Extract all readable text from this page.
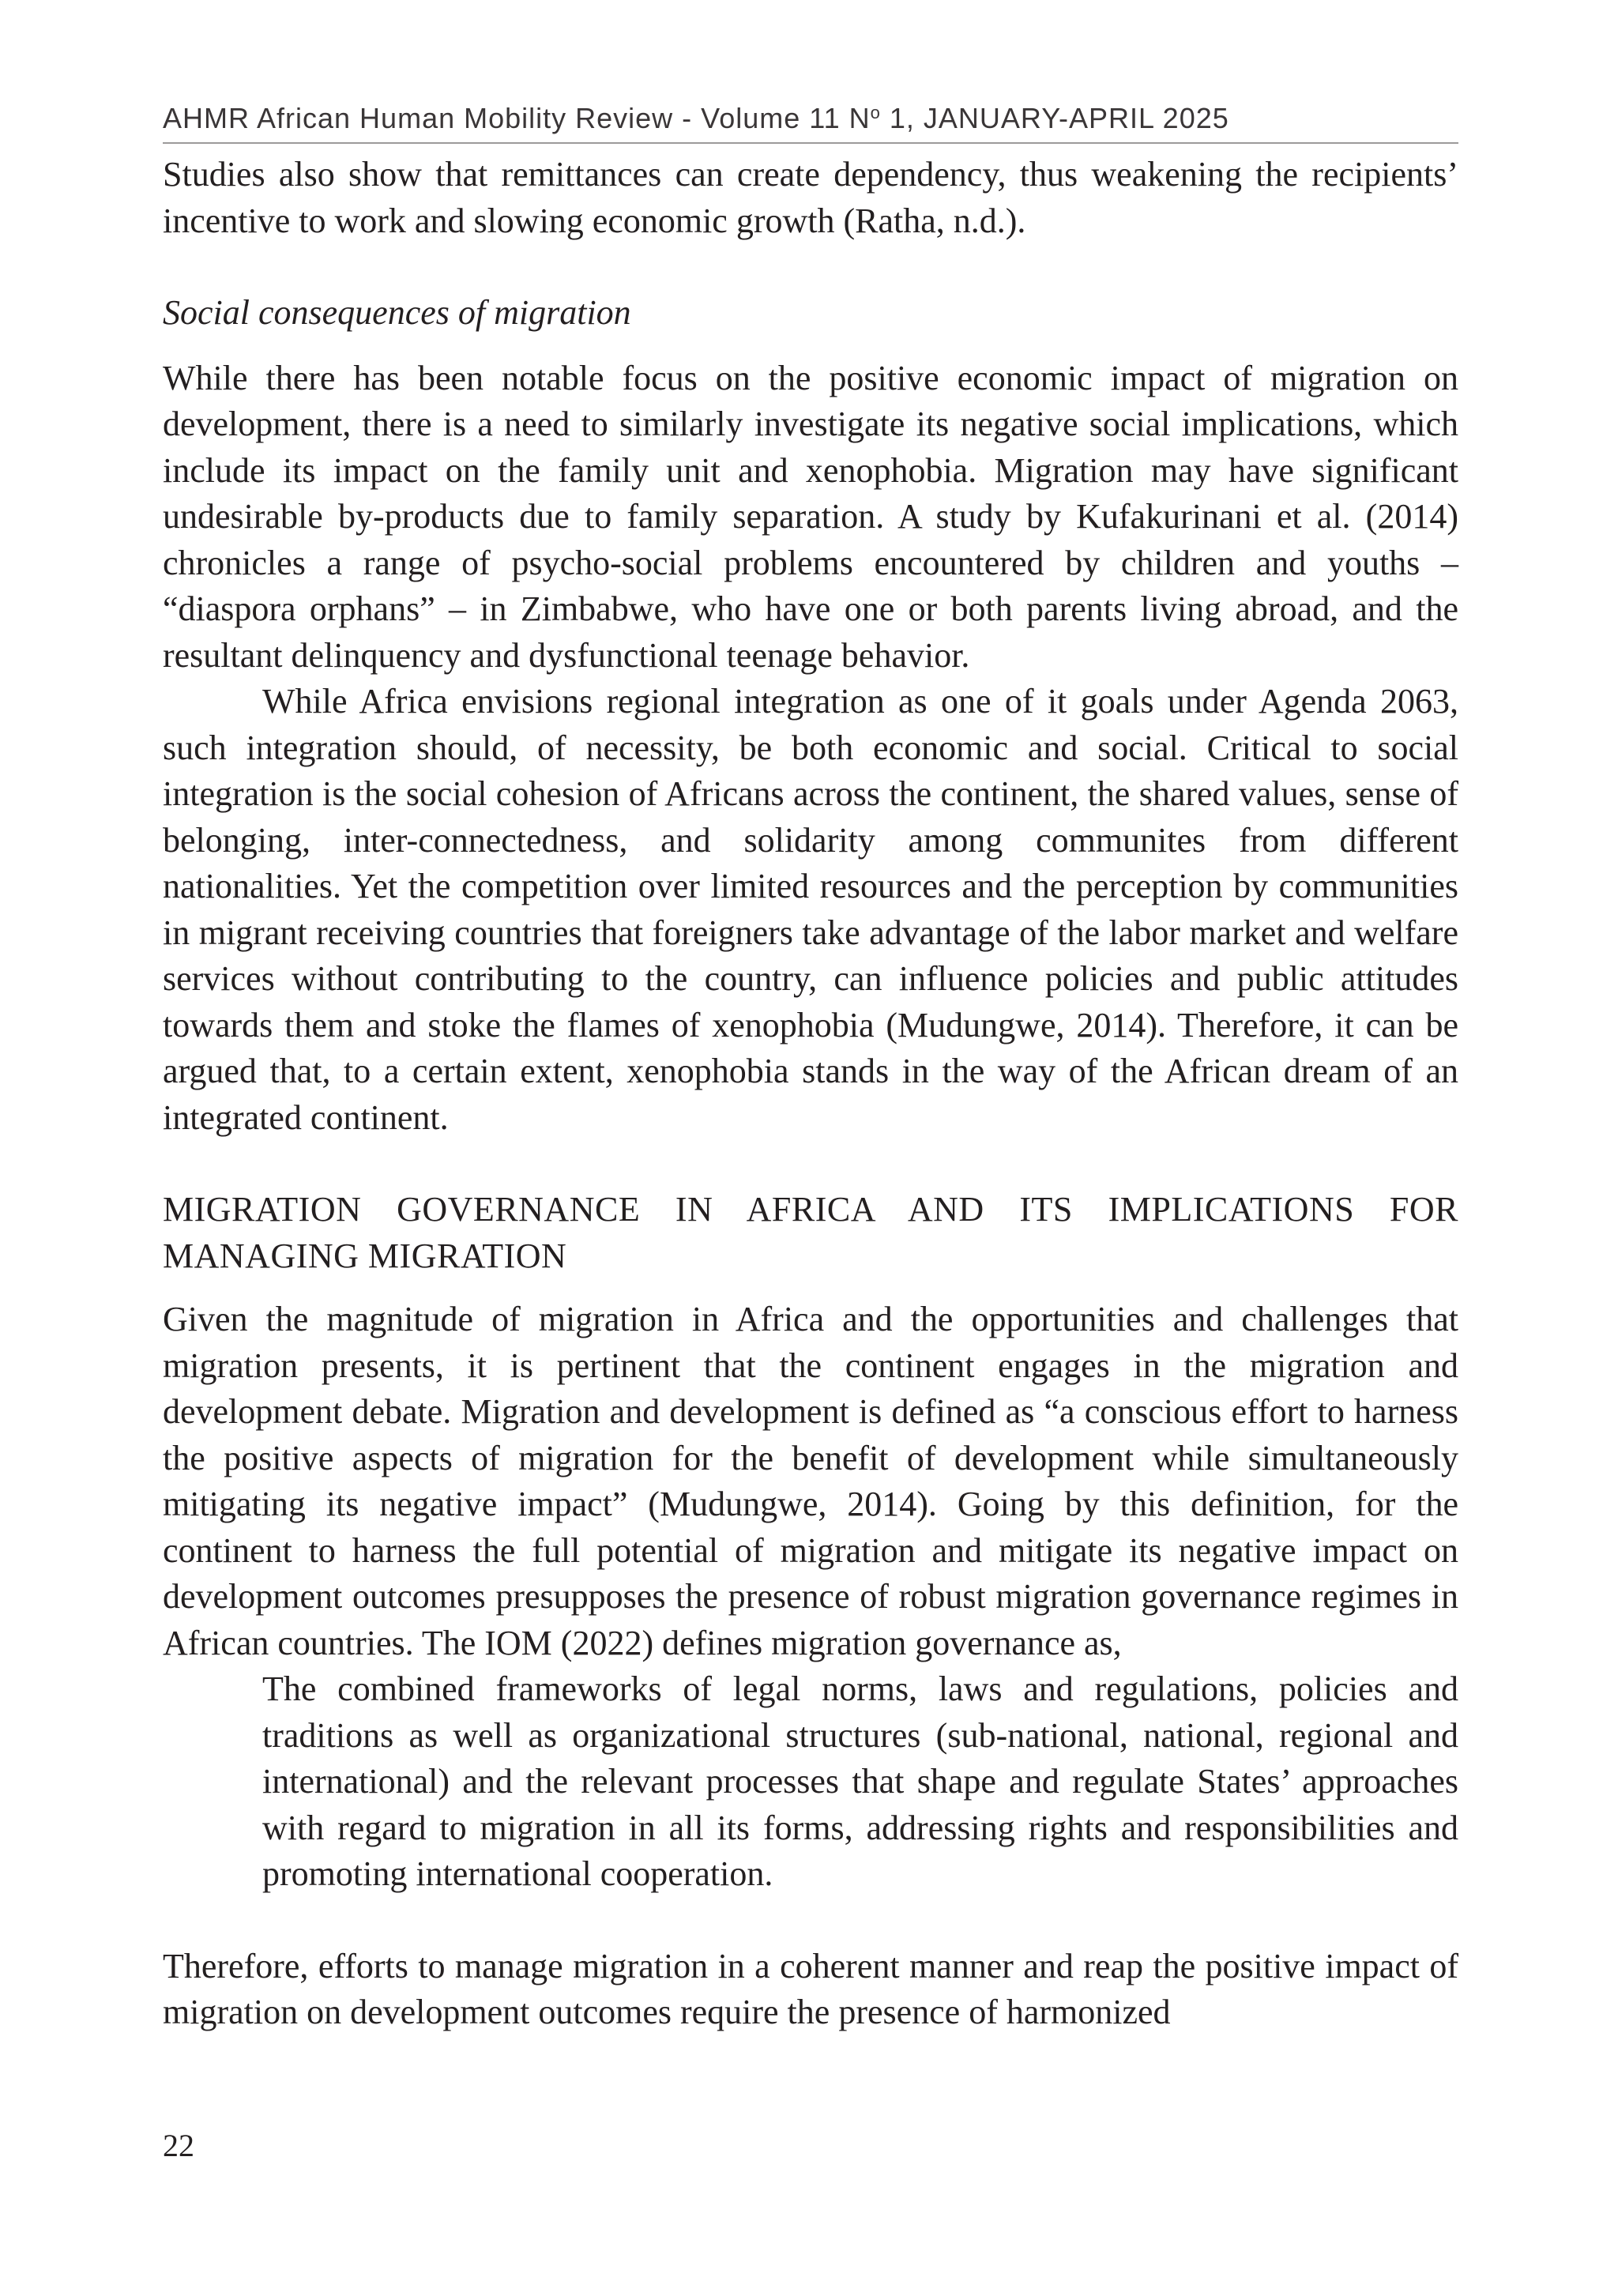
AHMR African Human Mobility Review - Volume 11 $N^o$ 1, JANUARY-APRIL 2025

Studies also show that remittances can create dependency, thus weakening the recipients’ incentive to work and slowing economic growth (Ratha, n.d.).

Social consequences of migration

While there has been notable focus on the positive economic impact of migration on development, there is a need to similarly investigate its negative social implications, which include its impact on the family unit and xenophobia. Migration may have significant undesirable by-products due to family separation. A study by Kufakurinani et al. (2014) chronicles a range of psycho-social problems encountered by children and youths – “diaspora orphans” – in Zimbabwe, who have one or both parents living abroad, and the resultant delinquency and dysfunctional teenage behavior.

While Africa envisions regional integration as one of it goals under Agenda 2063, such integration should, of necessity, be both economic and social. Critical to social integration is the social cohesion of Africans across the continent, the shared values, sense of belonging, inter-connectedness, and solidarity among communites from different nationalities. Yet the competition over limited resources and the perception by communities in migrant receiving countries that foreigners take advantage of the labor market and welfare services without contributing to the country, can influence policies and public attitudes towards them and stoke the flames of xenophobia (Mudungwe, 2014). Therefore, it can be argued that, to a certain extent, xenophobia stands in the way of the African dream of an integrated continent.

MIGRATION GOVERNANCE IN AFRICA AND ITS IMPLICATIONS FOR MANAGING MIGRATION

Given the magnitude of migration in Africa and the opportunities and challenges that migration presents, it is pertinent that the continent engages in the migration and development debate. Migration and development is defined as “a conscious effort to harness the positive aspects of migration for the benefit of development while simultaneously mitigating its negative impact” (Mudungwe, 2014). Going by this definition, for the continent to harness the full potential of migration and mitigate its negative impact on development outcomes presupposes the presence of robust migration governance regimes in African countries. The IOM (2022) defines migration governance as,

The combined frameworks of legal norms, laws and regulations, policies and traditions as well as organizational structures (sub-national, national, regional and international) and the relevant processes that shape and regulate States’ approaches with regard to migration in all its forms, addressing rights and responsibilities and promoting international cooperation.

Therefore, efforts to manage migration in a coherent manner and reap the positive impact of migration on development outcomes require the presence of harmonized

22
